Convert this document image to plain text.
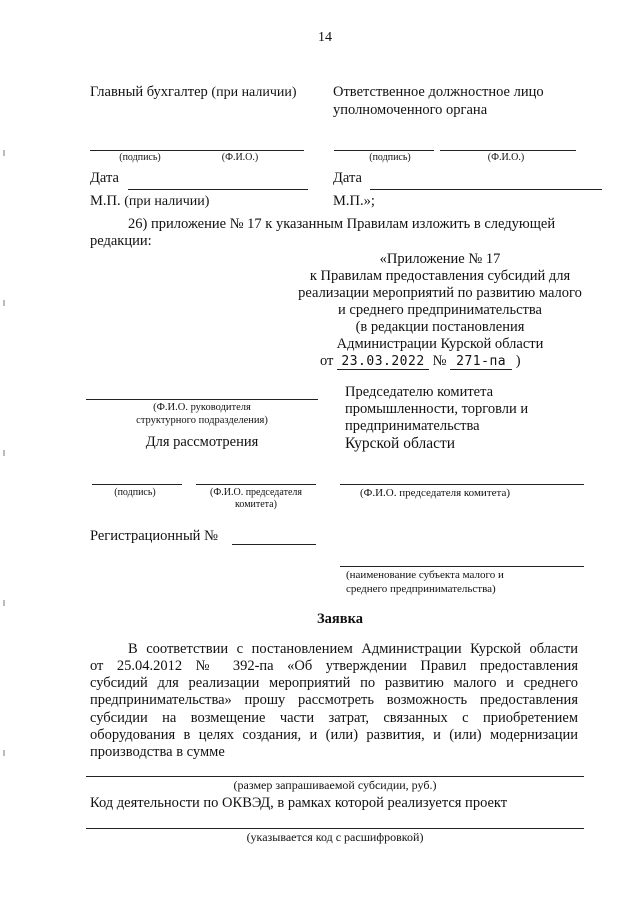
14
Главный бухгалтер (при наличии)	Ответственное должностное лицо
уполномоченного органа
(подпись)	(Ф.И.О.)	(подпись)	(Ф.И.О.)
Дата	Дата
М.П. (при наличии)	М.П.»;
26) приложение № 17 к указанным Правилам изложить в следующей
редакции:
«Приложение № 17
к Правилам предоставления субсидий для
реализации мероприятий по развитию малого
и среднего предпринимательства
(в редакции постановления
Администрации Курской области
от 23.03.2022 № 271-па )
(Ф.И.О. руководителя
структурного подразделения)
Для рассмотрения
Председателю комитета
промышленности, торговли и
предпринимательства
Курской области
(подпись)	(Ф.И.О. председателя
комитета)
(Ф.И.О. председателя комитета)
Регистрационный №
(наименование субъекта малого и
среднего предпринимательства)
Заявка
В соответствии с постановлением Администрации Курской области
от 25.04.2012 № 392-па «Об утверждении Правил предоставления
субсидий для реализации мероприятий по развитию малого и среднего
предпринимательства» прошу рассмотреть возможность предоставления
субсидии на возмещение части затрат, связанных с приобретением
оборудования в целях создания, и (или) развития, и (или) модернизации
производства в сумме
(размер запрашиваемой субсидии, руб.)
Код деятельности по ОКВЭД, в рамках которой реализуется проект
(указывается код с расшифровкой)
